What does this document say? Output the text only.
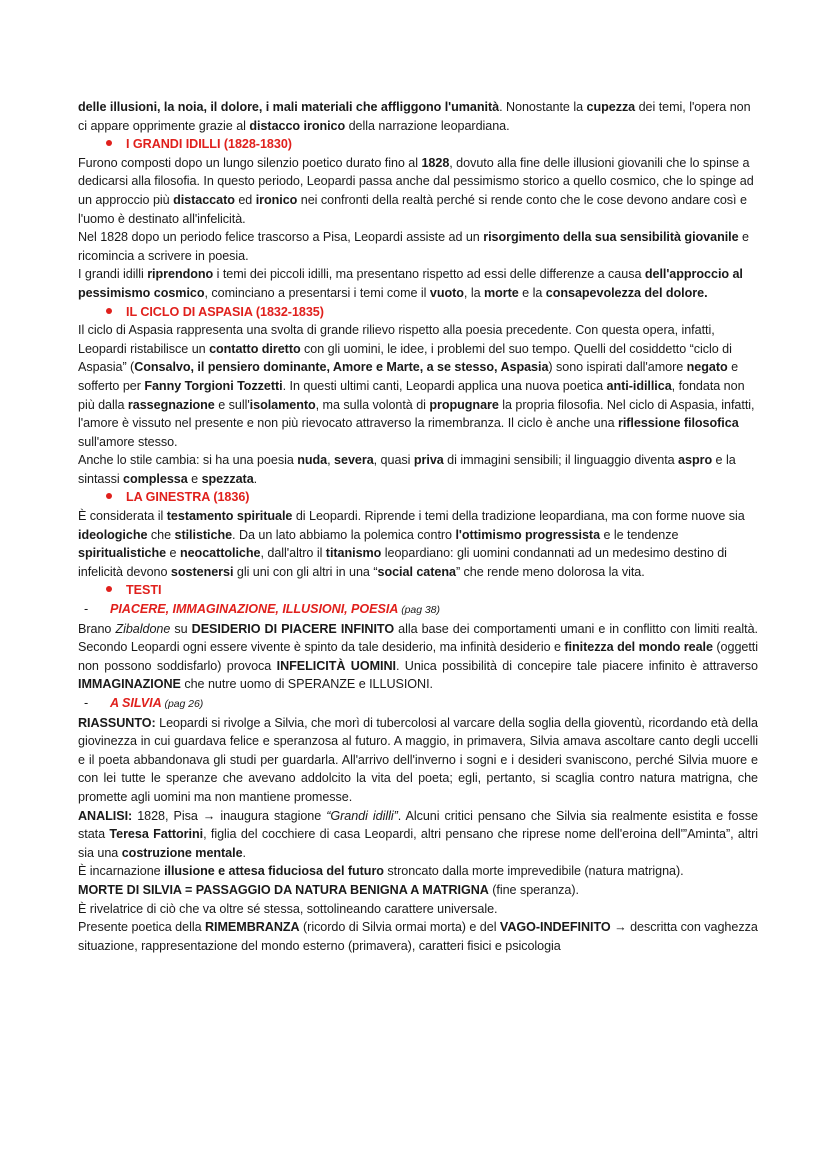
delle illusioni, la noia, il dolore, i mali materiali che affliggono l'umanità. Nonostante la cupezza dei temi, l'opera non ci appare opprimente grazie al distacco ironico della narrazione leopardiana.

I GRANDI IDILLI (1828-1830)

Furono composti dopo un lungo silenzio poetico durato fino al 1828, dovuto alla fine delle illusioni giovanili che lo spinse a dedicarsi alla filosofia. In questo periodo, Leopardi passa anche dal pessimismo storico a quello cosmico, che lo spinge ad un approccio più distaccato ed ironico nei confronti della realtà perché si rende conto che le cose devono andare così e l'uomo è destinato all'infelicità.

Nel 1828 dopo un periodo felice trascorso a Pisa, Leopardi assiste ad un risorgimento della sua sensibilità giovanile e ricomincia a scrivere in poesia.

I grandi idilli riprendono i temi dei piccoli idilli, ma presentano rispetto ad essi delle differenze a causa dell'approccio al pessimismo cosmico, cominciano a presentarsi i temi come il vuoto, la morte e la consapevolezza del dolore.

IL CICLO DI ASPASIA (1832-1835)

Il ciclo di Aspasia rappresenta una svolta di grande rilievo rispetto alla poesia precedente. Con questa opera, infatti, Leopardi ristabilisce un contatto diretto con gli uomini, le idee, i problemi del suo tempo. Quelli del cosiddetto “ciclo di Aspasia” (Consalvo, il pensiero dominante, Amore e Marte, a se stesso, Aspasia) sono ispirati dall'amore negato e sofferto per Fanny Torgioni Tozzetti. In questi ultimi canti, Leopardi applica una nuova poetica anti-idillica, fondata non più dalla rassegnazione e sull'isolamento, ma sulla volontà di propugnare la propria filosofia. Nel ciclo di Aspasia, infatti, l'amore è vissuto nel presente e non più rievocato attraverso la rimembranza. Il ciclo è anche una riflessione filosofica sull'amore stesso.

Anche lo stile cambia: si ha una poesia nuda, severa, quasi priva di immagini sensibili; il linguaggio diventa aspro e la sintassi complessa e spezzata.

LA GINESTRA (1836)

È considerata il testamento spirituale di Leopardi. Riprende i temi della tradizione leopardiana, ma con forme nuove sia ideologiche che stilistiche. Da un lato abbiamo la polemica contro l'ottimismo progressista e le tendenze spiritualistiche e neocattoliche, dall'altro il titanismo leopardiano: gli uomini condannati ad un medesimo destino di infelicità devono sostenersi gli uni con gli altri in una “social catena” che rende meno dolorosa la vita.

TESTI
- PIACERE, IMMAGINAZIONE, ILLUSIONI, POESIA (pag 38)

Brano Zibaldone su DESIDERIO DI PIACERE INFINITO alla base dei comportamenti umani e in conflitto con limiti realtà. Secondo Leopardi ogni essere vivente è spinto da tale desiderio, ma infinità desiderio e finitezza del mondo reale (oggetti non possono soddisfarlo) provoca INFELICITÀ UOMINI. Unica possibilità di concepire tale piacere infinito è attraverso IMMAGINAZIONE che nutre uomo di SPERANZE e ILLUSIONI.

- A SILVIA (pag 26)

RIASSUNTO: Leopardi si rivolge a Silvia, che morì di tubercolosi al varcare della soglia della gioventù, ricordando età della giovinezza in cui guardava felice e speranzosa al futuro. A maggio, in primavera, Silvia amava ascoltare canto degli uccelli e il poeta abbandonava gli studi per guardarla. All'arrivo dell'inverno i sogni e i desideri svaniscono, perché Silvia muore e con lei tutte le speranze che avevano addolcito la vita del poeta; egli, pertanto, si scaglia contro natura matrigna, che promette agli uomini ma non mantiene promesse.

ANALISI: 1828, Pisa → inaugura stagione “Grandi idilli”. Alcuni critici pensano che Silvia sia realmente esistita e fosse stata Teresa Fattorini, figlia del cocchiere di casa Leopardi, altri pensano che riprese nome dell'eroina dell'”Aminta”, altri sia una costruzione mentale.

È incarnazione illusione e attesa fiduciosa del futuro stroncato dalla morte imprevedibile (natura matrigna).

MORTE DI SILVIA = PASSAGGIO DA NATURA BENIGNA A MATRIGNA (fine speranza).

È rivelatrice di ciò che va oltre sé stessa, sottolineando carattere universale.

Presente poetica della RIMEMBRANZA (ricordo di Silvia ormai morta) e del VAGO-INDEFINITO → descritta con vaghezza situazione, rappresentazione del mondo esterno (primavera), caratteri fisici e psicologia
